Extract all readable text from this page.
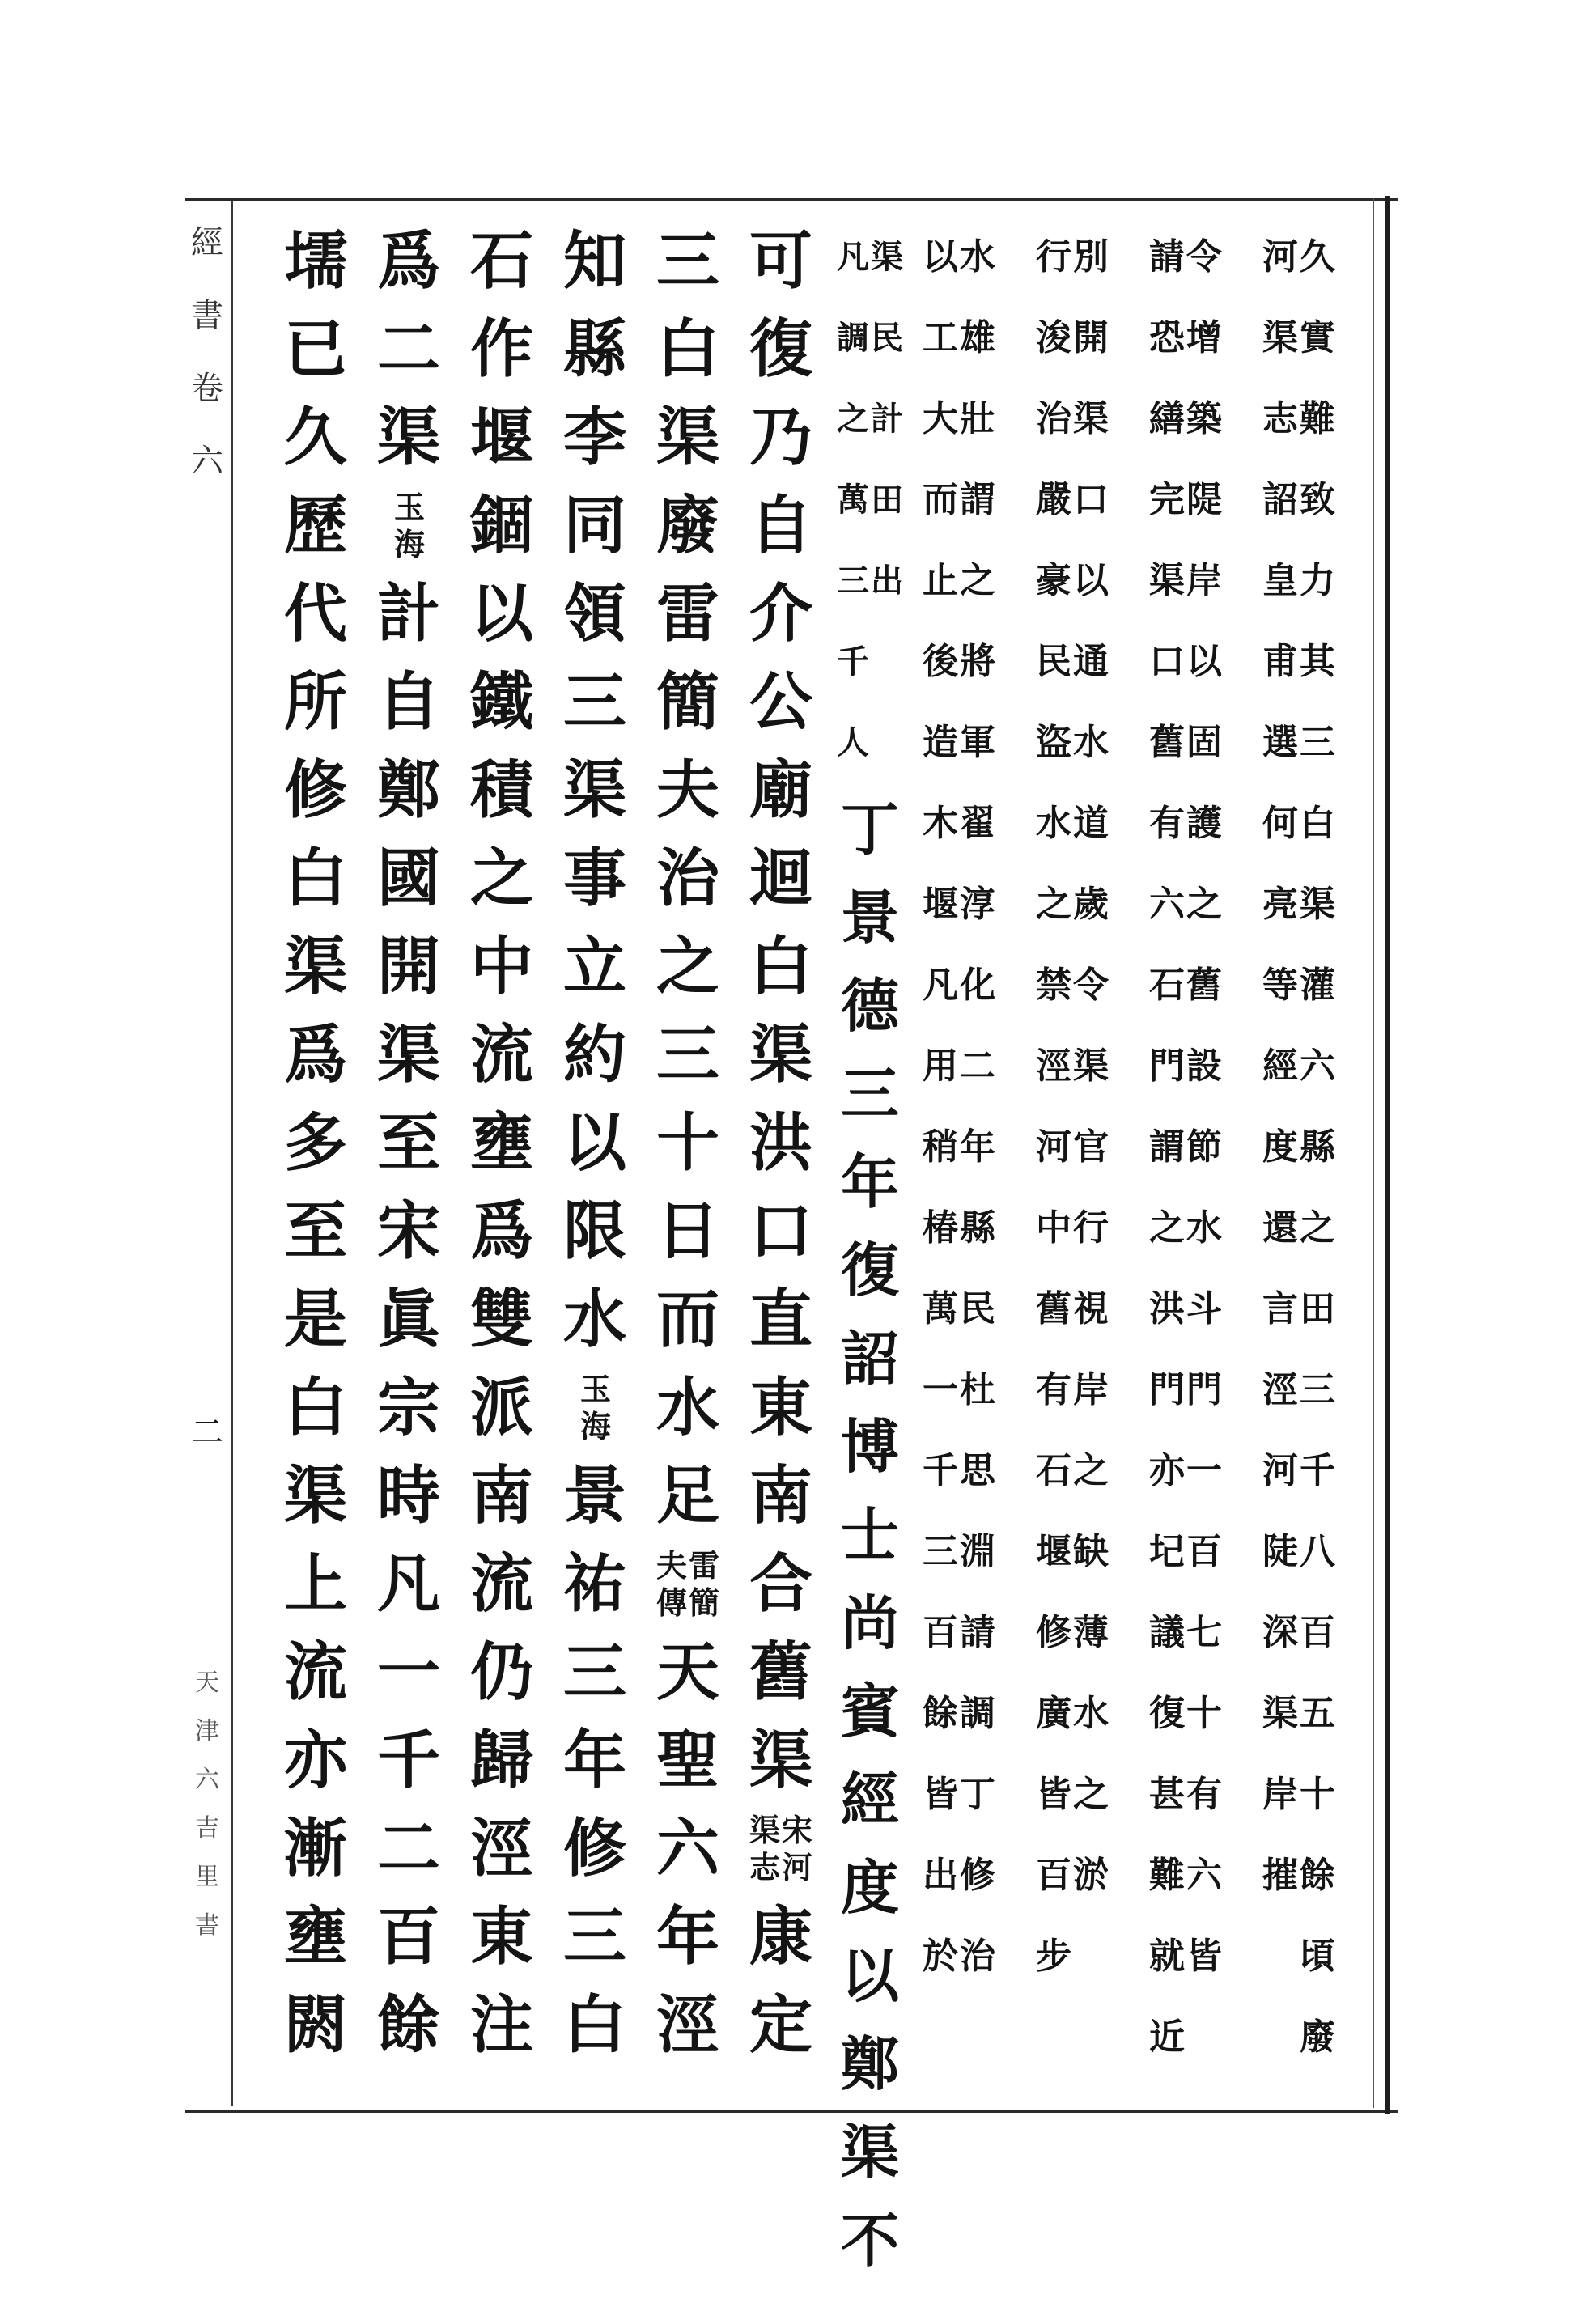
經
書
卷
六
二
天
津
六
吉
里
書
久
實
難
致
力
其
三
白
渠
灌
六
縣
之
田
三
千
八
百
五
十
餘
頃
廢
河
渠
志
詔
皇
甫
選
何
亮
等
經
度
還
言
涇
河
陡
深
渠
岸
摧
令
增
築
隄
岸
以
固
護
之
舊
設
節
水
斗
門
一
百
七
十
有
六
皆
請
恐
繕
完
渠
口
舊
有
六
石
門
謂
之
洪
門
亦
圮
議
復
甚
難
就
近
別
開
渠
口
以
通
水
道
歲
令
渠
官
行
視
岸
之
缺
薄
水
之
淤
行
浚
治
嚴
豪
民
盜
水
之
禁
涇
河
中
舊
有
石
堰
修
廣
皆
百
步
水
雄
壯
謂
之
將
軍
翟
淳
化
二
年
縣
民
杜
思
淵
請
調
丁
修
治
以
工
大
而
止
後
造
木
堰
凡
用
稍
椿
萬
一
千
三
百
餘
皆
出
於
渠
民
計
田
出
凡
調
之
萬
三
千
人
丁
景
德
三
年
復
詔
博
士
尚
賓
經
度
以
鄭
渠
不
可
復
乃
自
介
公
廟
迴
白
渠
洪
口
直
東
南
合
舊
渠
宋
河
渠
志
康
定
三
白
渠
廢
雷
簡
夫
治
之
三
十
日
而
水
足
雷
簡
夫
傳
天
聖
六
年
涇
知
縣
李
同
領
三
渠
事
立
約
以
限
水
玉
海
景
祐
三
年
修
三
白
石
作
堰
錮
以
鐵
積
之
中
流
壅
爲
雙
派
南
流
仍
歸
涇
東
注
爲
二
渠
玉
海
計
自
鄭
國
開
渠
至
宋
眞
宗
時
凡
一
千
二
百
餘
壖
已
久
歷
代
所
修
白
渠
爲
多
至
是
白
渠
上
流
亦
漸
壅
閼
